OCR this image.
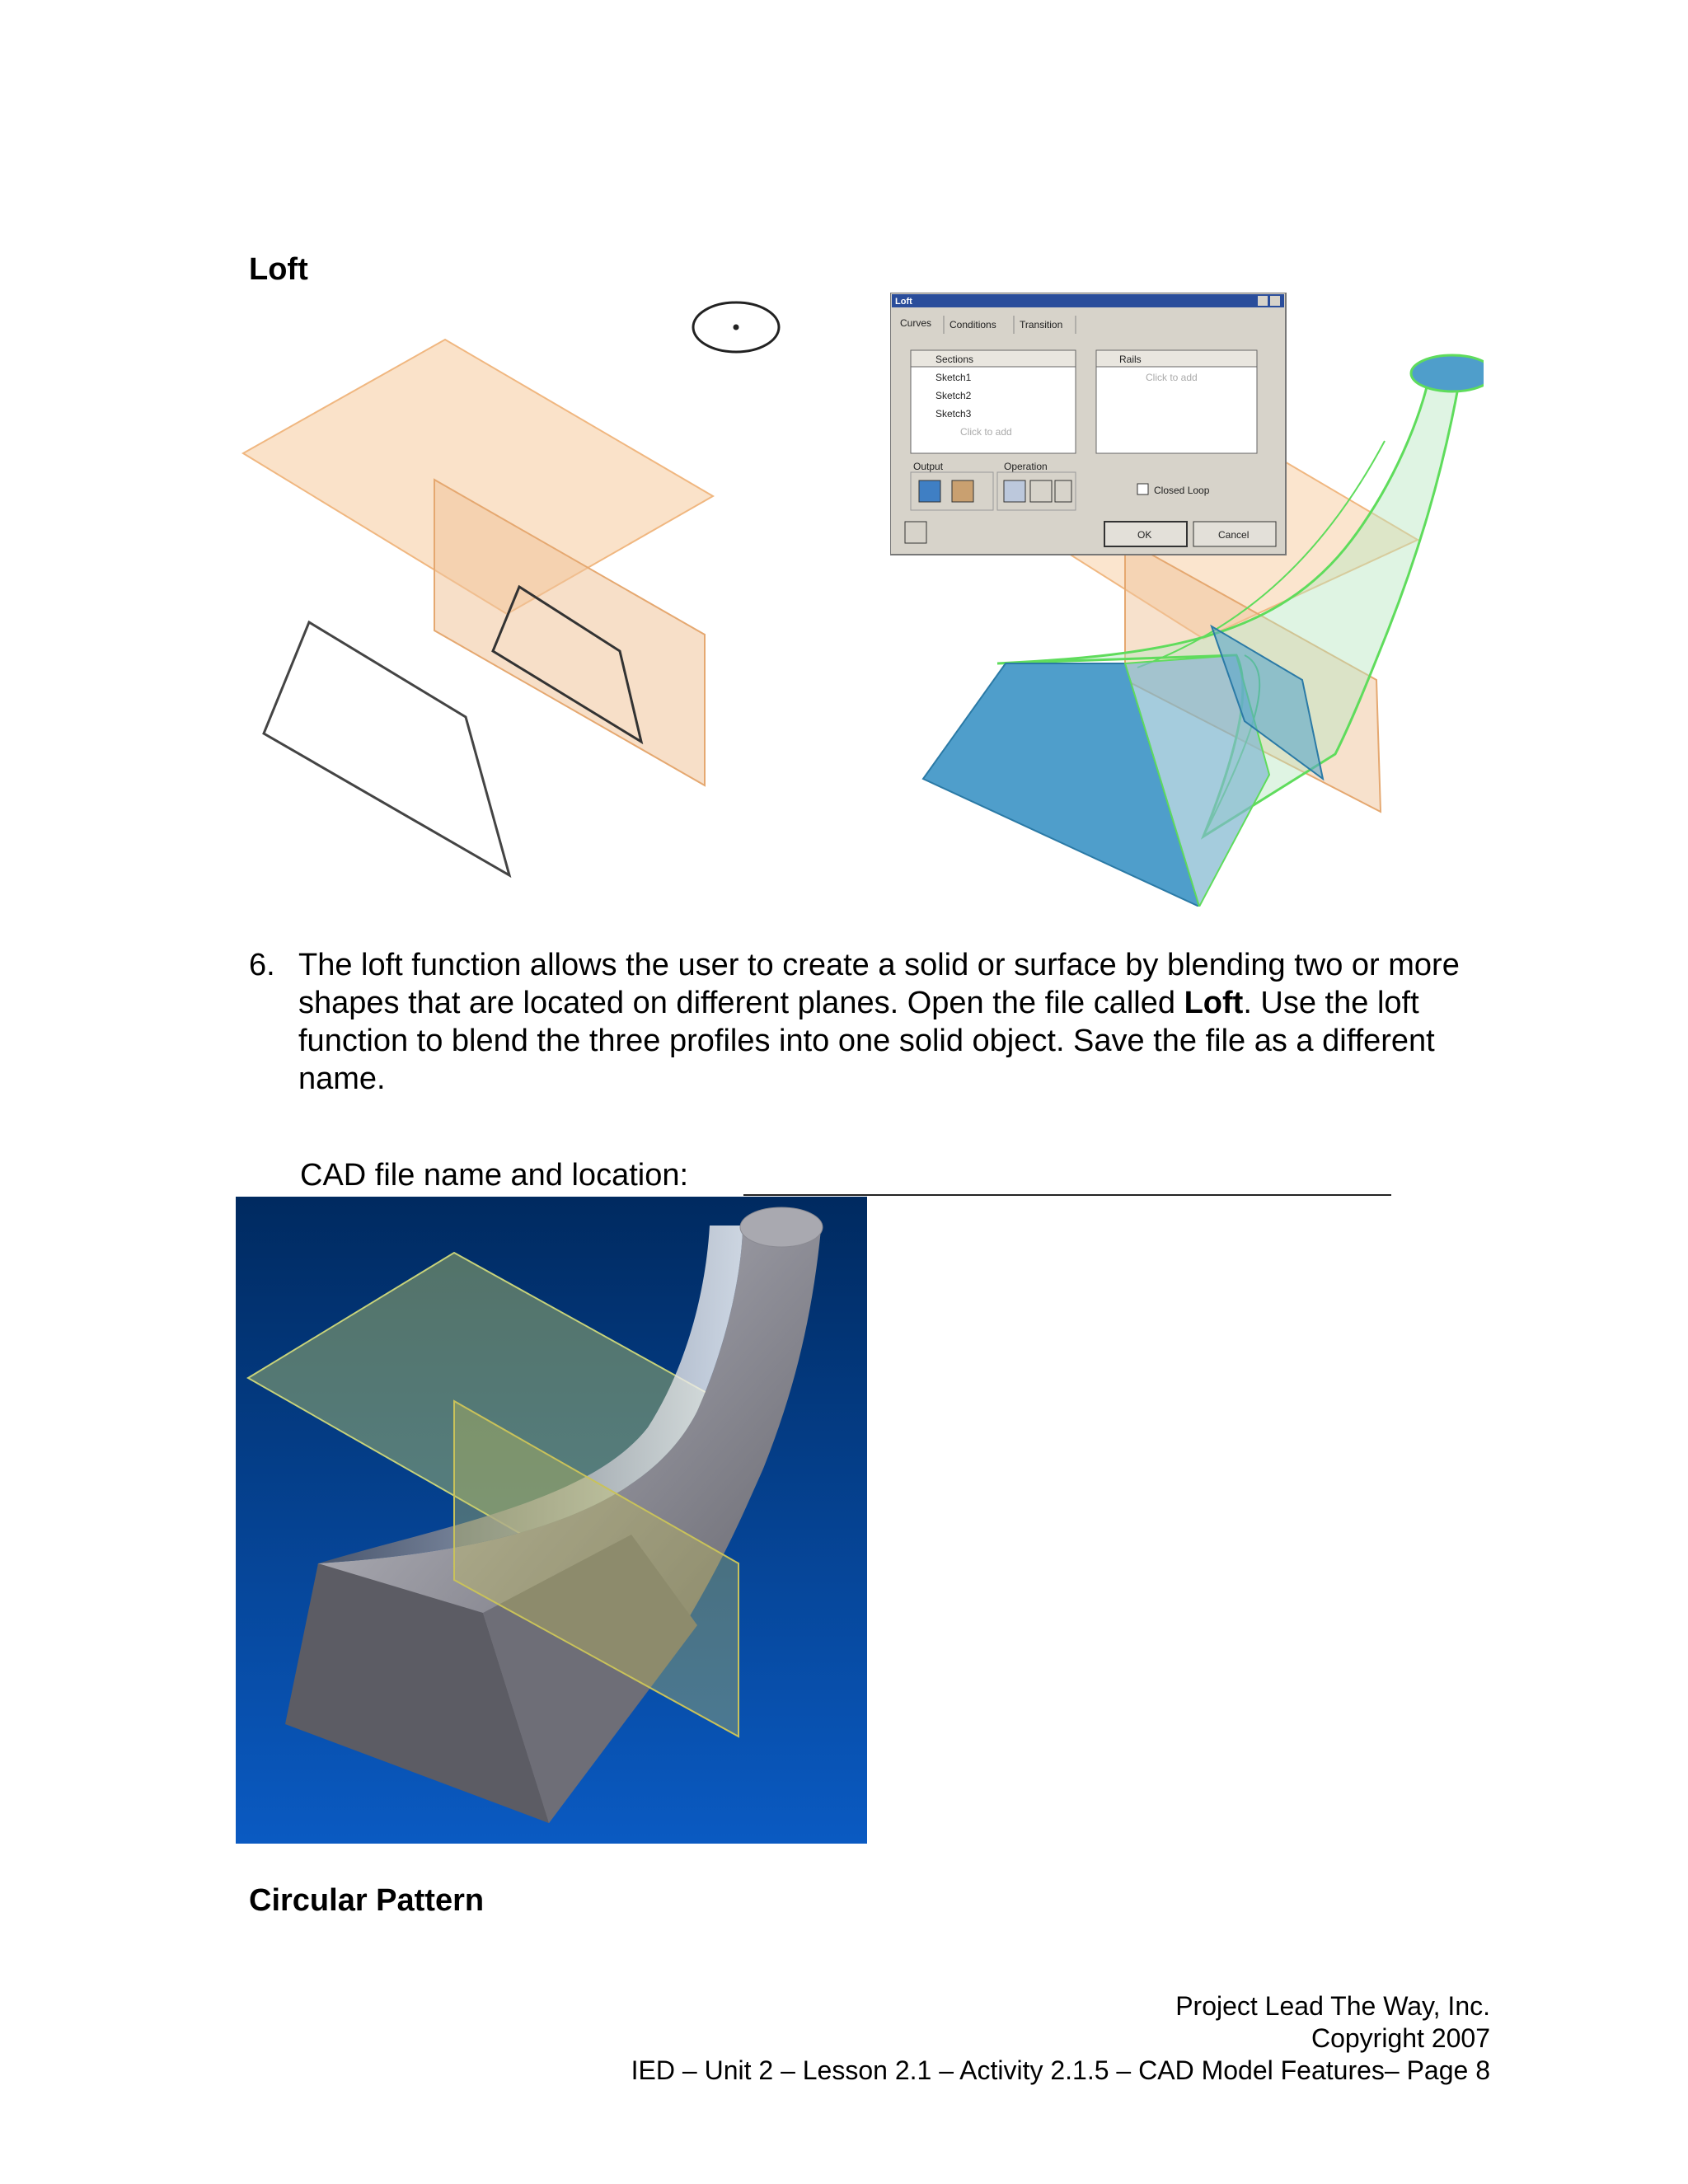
Loft
Loft
Curves Conditions Transition
Sections
Sketch1
Sketch2
Sketch3
Click to add
Rails
Click to add
Output	Operation
Closed Loop
OK	Cancel
6. The loft function allows the user to create a solid or surface by blending two or more shapes that are located on different planes. Open the file called Loft. Use the loft function to blend the three profiles into one solid object. Save the file as a different name.
CAD file name and location:
Circular Pattern
Project Lead The Way, Inc.
Copyright 2007
IED – Unit 2 – Lesson 2.1 – Activity 2.1.5 – CAD Model Features– Page 8
